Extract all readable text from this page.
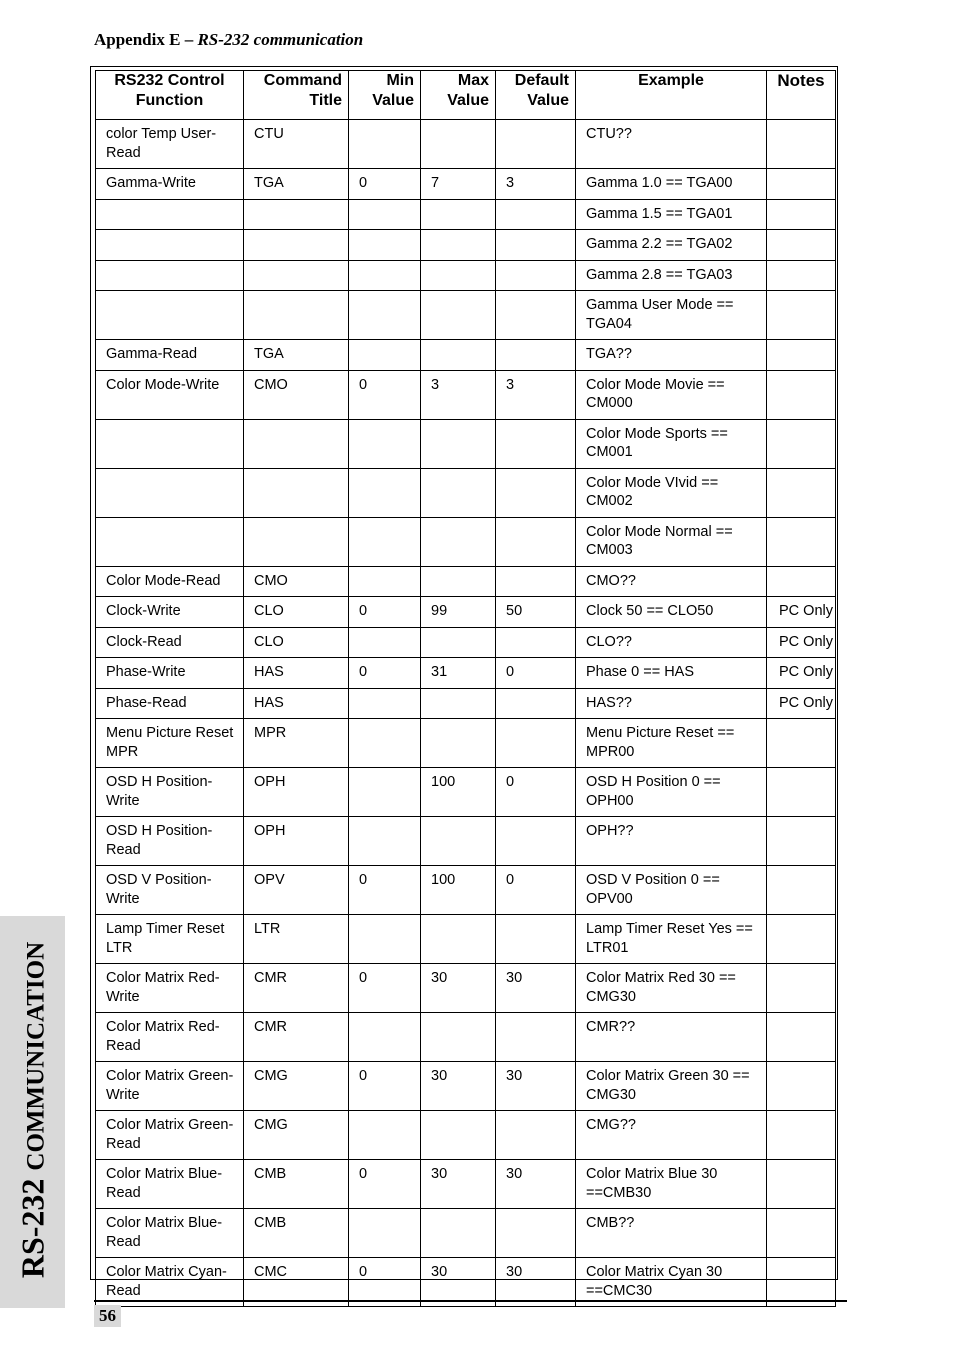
Appendix E – RS-232 communication
RS232 Control Function	Command Title	Min Value	Max Value	Default Value	Example	Notes
color Temp User-Read	CTU				CTU??	
Gamma-Write	TGA	0	7	3	Gamma 1.0 == TGA00	
					Gamma 1.5 == TGA01	
					Gamma 2.2 == TGA02	
					Gamma 2.8 == TGA03	
					Gamma User Mode == TGA04	
Gamma-Read	TGA				TGA??	
Color Mode-Write	CMO	0	3	3	Color Mode Movie == CM000	
					Color Mode Sports == CM001	
					Color Mode VIvid == CM002	
					Color Mode Normal == CM003	
Color Mode-Read	CMO				CMO??	
Clock-Write	CLO	0	99	50	Clock 50 == CLO50	PC Only
Clock-Read	CLO				CLO??	PC Only
Phase-Write	HAS	0	31	0	Phase 0 == HAS	PC Only
Phase-Read	HAS				HAS??	PC Only
Menu Picture Reset MPR	MPR				Menu Picture Reset == MPR00	
OSD H Position-Write	OPH		100	0	OSD H Position 0 == OPH00	
OSD H Position-Read	OPH				OPH??	
OSD V Position-Write	OPV	0	100	0	OSD V Position 0 == OPV00	
Lamp Timer Reset LTR	LTR				Lamp Timer Reset Yes == LTR01	
Color Matrix Red-Write	CMR	0	30	30	Color Matrix Red 30 == CMG30	
Color Matrix Red-Read	CMR				CMR??	
Color Matrix Green-Write	CMG	0	30	30	Color Matrix Green 30 == CMG30	
Color Matrix Green-Read	CMG				CMG??	
Color Matrix Blue-Read	CMB	0	30	30	Color Matrix Blue 30 ==CMB30	
Color Matrix Blue-Read	CMB				CMB??	
Color Matrix Cyan-Read	CMC	0	30	30	Color Matrix Cyan 30 ==CMC30	
RS-232 COMMUNICATION
56
